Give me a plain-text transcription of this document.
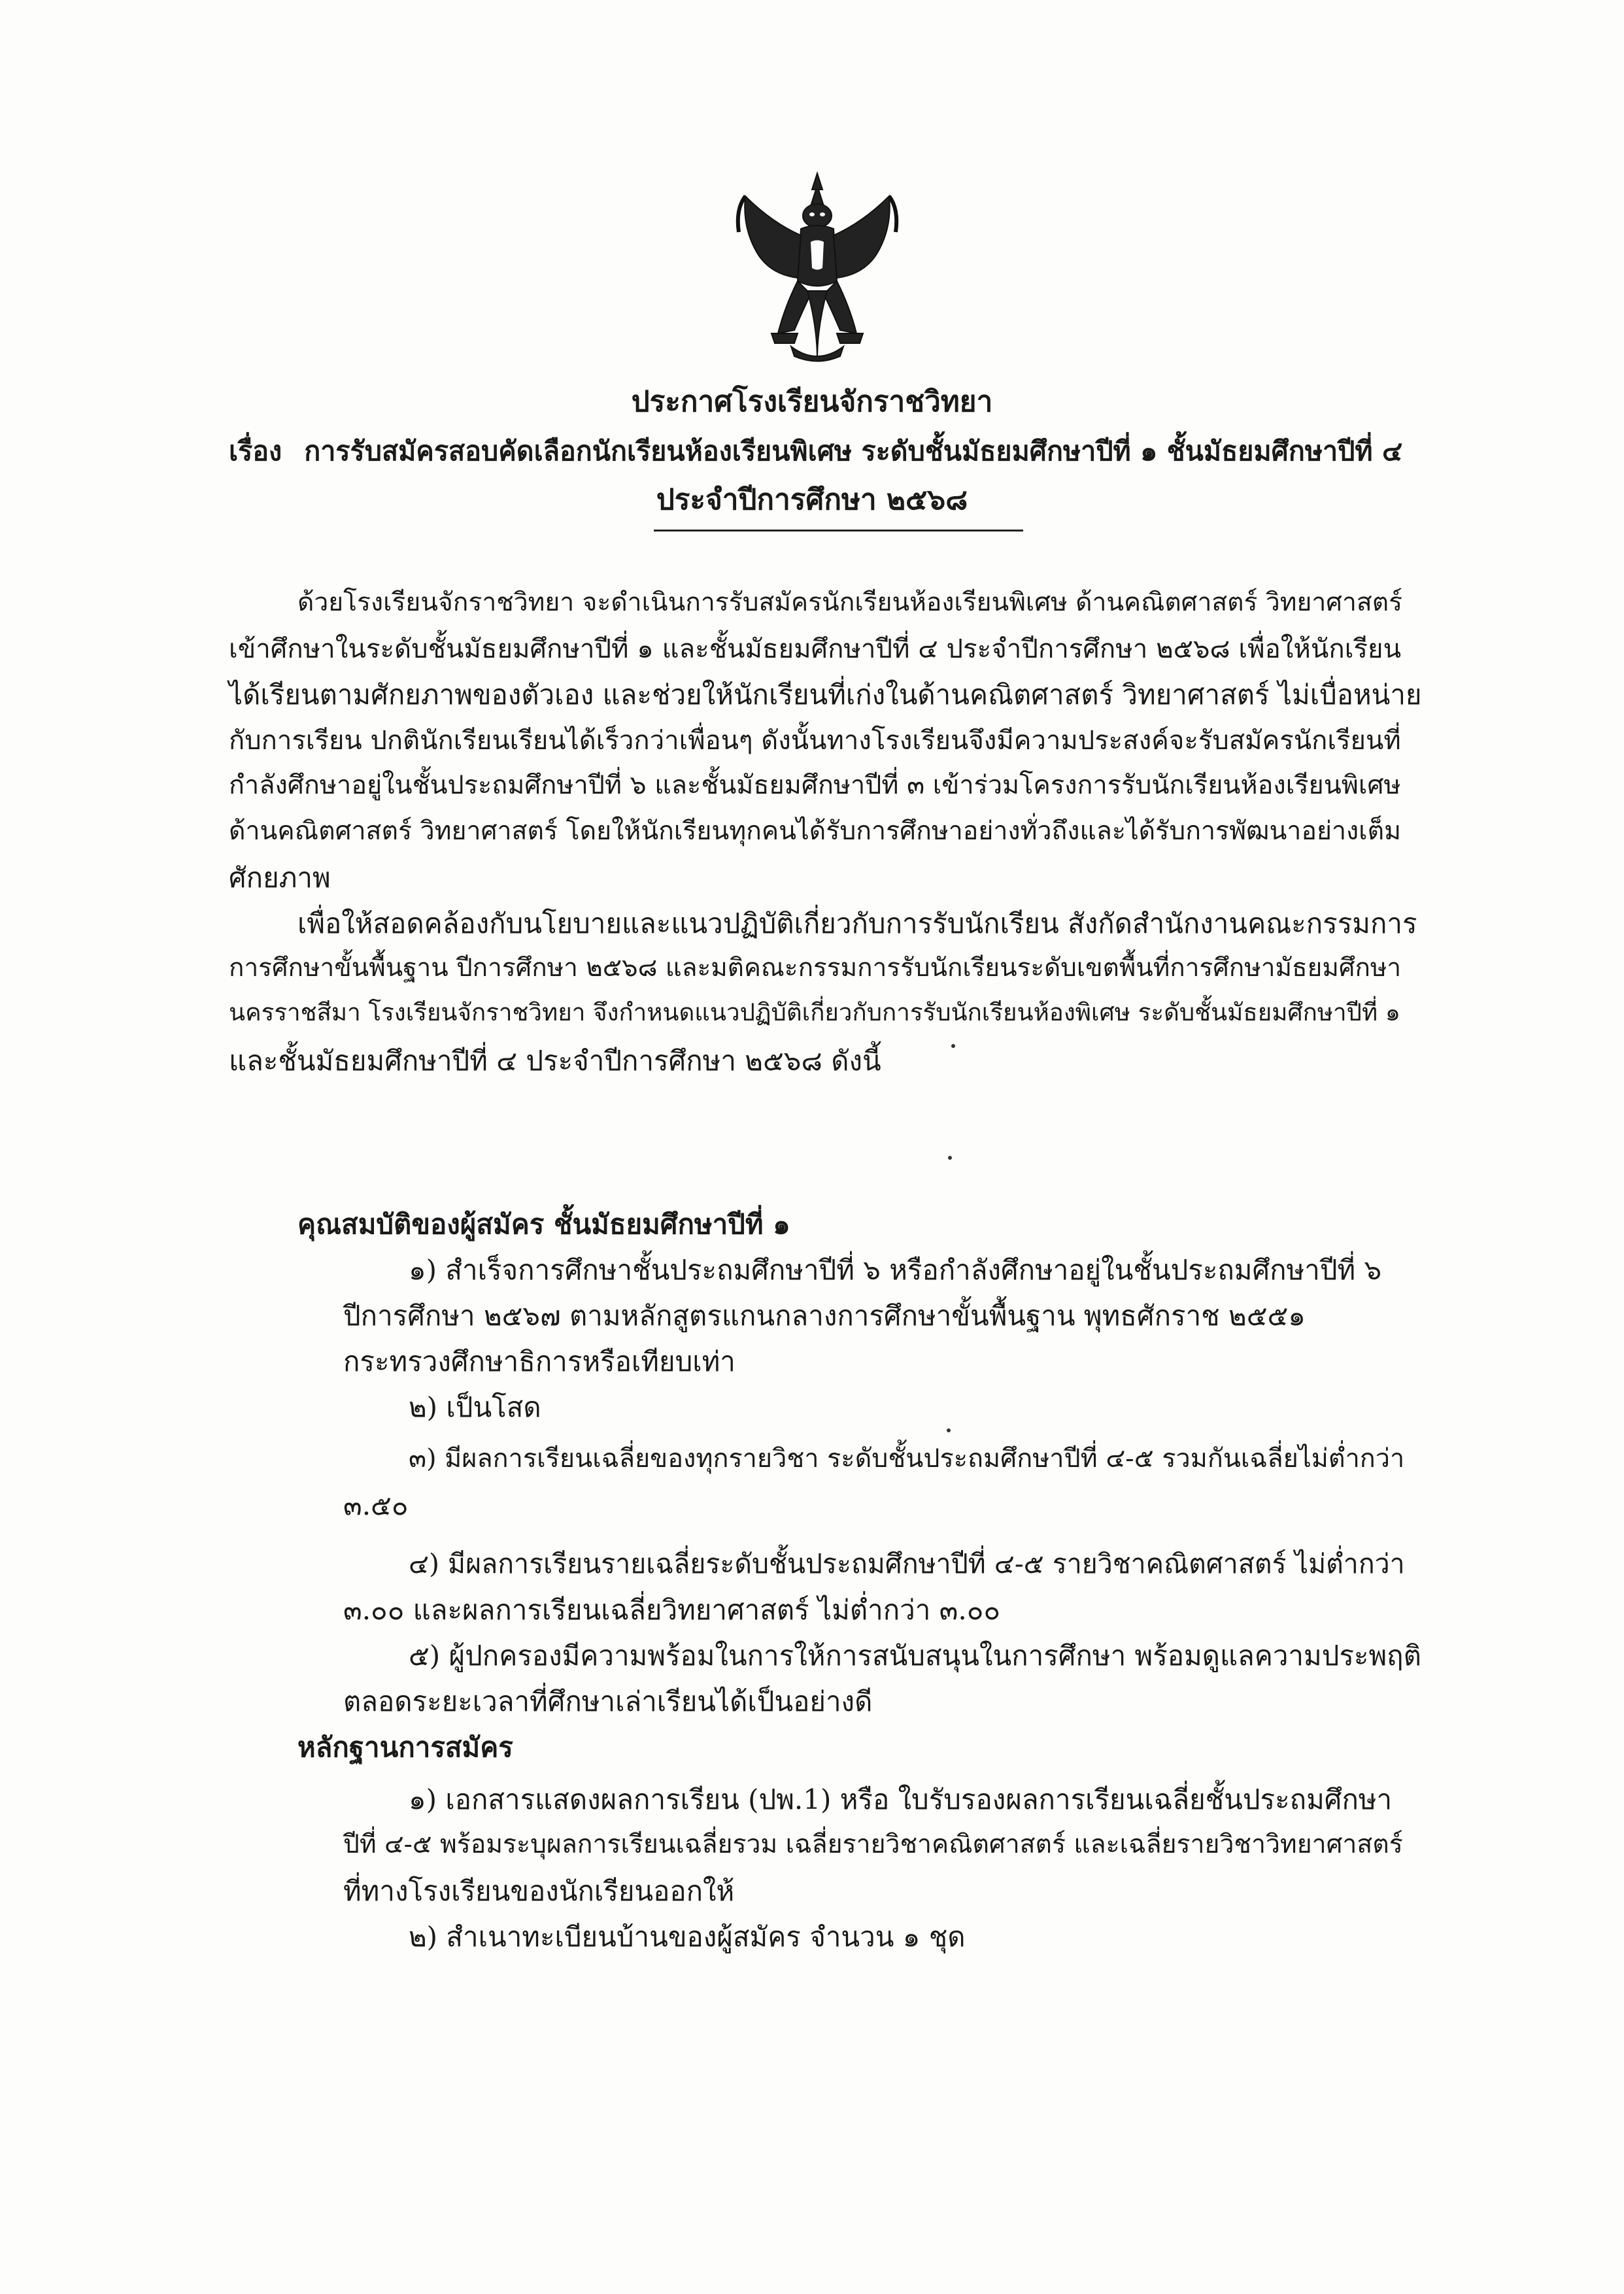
ประกาศโรงเรียนจักราชวิทยา
เรื่อง การรับสมัครสอบคัดเลือกนักเรียนห้องเรียนพิเศษ ระดับชั้นมัธยมศึกษาปีที่ ๑ ชั้นมัธยมศึกษาปีที่ ๔
ประจำปีการศึกษา ๒๕๖๘
ด้วยโรงเรียนจักราชวิทยา จะดำเนินการรับสมัครนักเรียนห้องเรียนพิเศษ ด้านคณิตศาสตร์ วิทยาศาสตร์
เข้าศึกษาในระดับชั้นมัธยมศึกษาปีที่ ๑ และชั้นมัธยมศึกษาปีที่ ๔ ประจำปีการศึกษา ๒๕๖๘ เพื่อให้นักเรียน
ได้เรียนตามศักยภาพของตัวเอง และช่วยให้นักเรียนที่เก่งในด้านคณิตศาสตร์ วิทยาศาสตร์ ไม่เบื่อหน่าย
กับการเรียน ปกตินักเรียนเรียนได้เร็วกว่าเพื่อนๆ ดังนั้นทางโรงเรียนจึงมีความประสงค์จะรับสมัครนักเรียนที่
กำลังศึกษาอยู่ในชั้นประถมศึกษาปีที่ ๖ และชั้นมัธยมศึกษาปีที่ ๓ เข้าร่วมโครงการรับนักเรียนห้องเรียนพิเศษ
ด้านคณิตศาสตร์ วิทยาศาสตร์ โดยให้นักเรียนทุกคนได้รับการศึกษาอย่างทั่วถึงและได้รับการพัฒนาอย่างเต็ม
ศักยภาพ
เพื่อให้สอดคล้องกับนโยบายและแนวปฏิบัติเกี่ยวกับการรับนักเรียน สังกัดสำนักงานคณะกรรมการ
การศึกษาขั้นพื้นฐาน ปีการศึกษา ๒๕๖๘ และมติคณะกรรมการรับนักเรียนระดับเขตพื้นที่การศึกษามัธยมศึกษา
นครราชสีมา โรงเรียนจักราชวิทยา จึงกำหนดแนวปฏิบัติเกี่ยวกับการรับนักเรียนห้องพิเศษ ระดับชั้นมัธยมศึกษาปีที่ ๑
และชั้นมัธยมศึกษาปีที่ ๔ ประจำปีการศึกษา ๒๕๖๘ ดังนี้
คุณสมบัติของผู้สมัคร ชั้นมัธยมศึกษาปีที่ ๑
๑) สำเร็จการศึกษาชั้นประถมศึกษาปีที่ ๖ หรือกำลังศึกษาอยู่ในชั้นประถมศึกษาปีที่ ๖
ปีการศึกษา ๒๕๖๗ ตามหลักสูตรแกนกลางการศึกษาขั้นพื้นฐาน พุทธศักราช ๒๕๕๑
กระทรวงศึกษาธิการหรือเทียบเท่า
๒) เป็นโสด
๓) มีผลการเรียนเฉลี่ยของทุกรายวิชา ระดับชั้นประถมศึกษาปีที่ ๔-๕ รวมกันเฉลี่ยไม่ต่ำกว่า
๓.๕๐
๔) มีผลการเรียนรายเฉลี่ยระดับชั้นประถมศึกษาปีที่ ๔-๕ รายวิชาคณิตศาสตร์ ไม่ต่ำกว่า
๓.๐๐ และผลการเรียนเฉลี่ยวิทยาศาสตร์ ไม่ต่ำกว่า ๓.๐๐
๕) ผู้ปกครองมีความพร้อมในการให้การสนับสนุนในการศึกษา พร้อมดูแลความประพฤติ
ตลอดระยะเวลาที่ศึกษาเล่าเรียนได้เป็นอย่างดี
หลักฐานการสมัคร
๑) เอกสารแสดงผลการเรียน (ปพ.1) หรือ ใบรับรองผลการเรียนเฉลี่ยชั้นประถมศึกษา
ปีที่ ๔-๕ พร้อมระบุผลการเรียนเฉลี่ยรวม เฉลี่ยรายวิชาคณิตศาสตร์ และเฉลี่ยรายวิชาวิทยาศาสตร์
ที่ทางโรงเรียนของนักเรียนออกให้
๒) สำเนาทะเบียนบ้านของผู้สมัคร จำนวน ๑ ชุด
